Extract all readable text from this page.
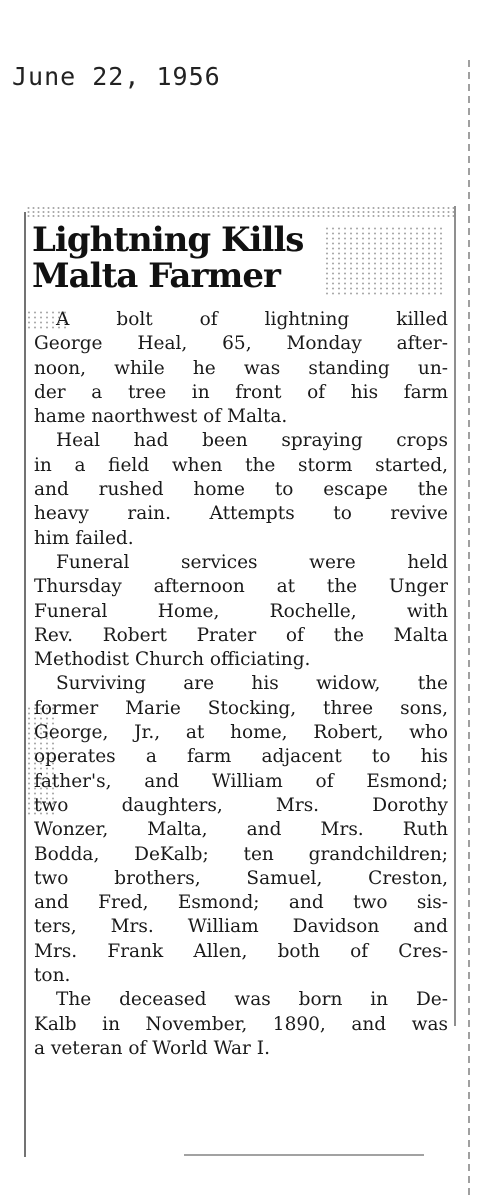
June 22, 1956
Lightning Kills
Malta Farmer
A bolt of lightning killed
George Heal, 65, Monday after-
noon, while he was standing un-
der a tree in front of his farm
hame naorthwest of Malta.
Heal had been spraying crops
in a field when the storm started,
and rushed home to escape the
heavy rain. Attempts to revive
him failed.
Funeral services were held
Thursday afternoon at the Unger
Funeral Home, Rochelle, with
Rev. Robert Prater of the Malta
Methodist Church officiating.
Surviving are his widow, the
former Marie Stocking, three sons,
George, Jr., at home, Robert, who
operates a farm adjacent to his
father's, and William of Esmond;
two daughters, Mrs. Dorothy
Wonzer, Malta, and Mrs. Ruth
Bodda, DeKalb; ten grandchildren;
two brothers, Samuel, Creston,
and Fred, Esmond; and two sis-
ters, Mrs. William Davidson and
Mrs. Frank Allen, both of Cres-
ton.
The deceased was born in De-
Kalb in November, 1890, and was
a veteran of World War I.
